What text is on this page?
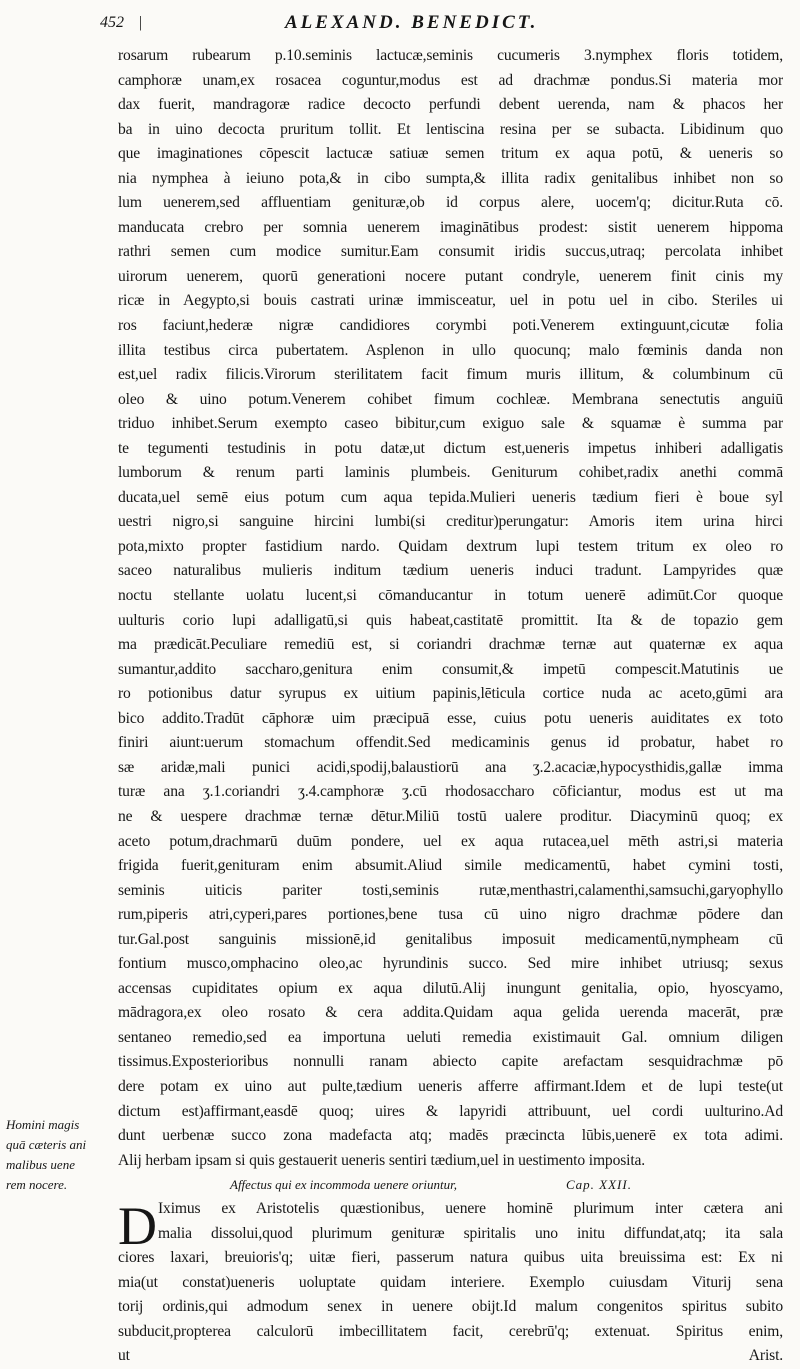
452 |	ALEXAND. BENEDICT.
rosarum rubearum p.10.seminis lactucæ,seminis cucumeris 3.nymphex floris totidem,
camphoræ unam,ex rosacea coguntur,modus est ad drachmæ pondus.Si materia mor
dax fuerit, mandragoræ radice decocto perfundi debent uerenda, nam & phacos her
ba in uino decocta pruritum tollit. Et lentiscina resina per se subacta. Libidinum quo
que imaginationes cōpescit lactucæ satiuæ semen tritum ex aqua potū, & ueneris so
nia nymphea à ieiuno pota,& in cibo sumpta,& illita radix genitalibus inhibet non so
lum uenerem,sed affluentiam genituræ,ob id corpus alere, uocem'q; dicitur.Ruta cō.
manducata crebro per somnia uenerem imaginātibus prodest: sistit uenerem hippoma
rathri semen cum modice sumitur.Eam consumit iridis succus,utraq; percolata inhibet
uirorum uenerem, quorū generationi nocere putant condryle, uenerem finit cinis my
ricæ in Aegypto,si bouis castrati urinæ immisceatur, uel in potu uel in cibo. Steriles ui
ros faciunt,hederæ nigræ candidiores corymbi poti.Venerem extinguunt,cicutæ folia
illita testibus circa pubertatem. Asplenon in ullo quocunq; malo fœminis danda non
est,uel radix filicis.Virorum sterilitatem facit fimum muris illitum, & columbinum cū
oleo & uino potum.Venerem cohibet fimum cochleæ. Membrana senectutis anguiū
triduo inhibet.Serum exempto caseo bibitur,cum exiguo sale & squamæ è summa par
te tegumenti testudinis in potu datæ,ut dictum est,ueneris impetus inhiberi adalligatis
lumborum & renum parti laminis plumbeis. Geniturum cohibet,radix anethi commā
ducata,uel semē eius potum cum aqua tepida.Mulieri ueneris tædium fieri è boue syl
uestri nigro,si sanguine hircini lumbi(si creditur)perungatur: Amoris item urina hirci
pota,mixto propter fastidium nardo. Quidam dextrum lupi testem tritum ex oleo ro
saceo naturalibus mulieris inditum tædium ueneris induci tradunt. Lampyrides quæ
noctu stellante uolatu lucent,si cōmanducantur in totum uenerē adimūt.Cor quoque
uulturis corio lupi adalligatū,si quis habeat,castitatē promittit. Ita & de topazio gem
ma prædicāt.Peculiare remediū est, si coriandri drachmæ ternæ aut quaternæ ex aqua
sumantur,addito saccharo,genitura enim consumit,& impetū compescit.Matutinis ue
ro potionibus datur syrupus ex uitium papinis,lēticula cortice nuda ac aceto,gūmi ara
bico addito.Tradūt cāphoræ uim præcipuā esse, cuius potu ueneris auiditates ex toto
finiri aiunt:uerum stomachum offendit.Sed medicaminis genus id probatur, habet ro
sæ aridæ,mali punici acidi,spodij,balaustiorū ana ʒ.2.acaciæ,hypocysthidis,gallæ imma
turæ ana ʒ.1.coriandri ʒ.4.camphoræ ʒ.cū rhodosaccharo cōficiantur, modus est ut ma
ne & uespere drachmæ ternæ dētur.Miliū tostū ualere proditur. Diacyminū quoq; ex
aceto potum,drachmarū duūm pondere, uel ex aqua rutacea,uel mēth astri,si materia
frigida fuerit,genituram enim absumit.Aliud simile medicamentū, habet cymini tosti,
seminis uiticis pariter tosti,seminis rutæ,menthastri,calamenthi,samsuchi,garyophyllo
rum,piperis atri,cyperi,pares portiones,bene tusa cū uino nigro drachmæ pōdere dan
tur.Gal.post sanguinis missionē,id genitalibus imposuit medicamentū,nympheam cū
fontium musco,omphacino oleo,ac hyrundinis succo. Sed mire inhibet utriusq; sexus
accensas cupiditates opium ex aqua dilutū.Alij inungunt genitalia, opio, hyoscyamo,
mādragora,ex oleo rosato & cera addita.Quidam aqua gelida uerenda macerāt, præ
sentaneo remedio,sed ea importuna ueluti remedia existimauit Gal. omnium diligen
tissimus.Exposterioribus nonnulli ranam abiecto capite arefactam sesquidrachmæ pō
dere potam ex uino aut pulte,tædium ueneris afferre affirmant.Idem et de lupi teste(ut
dictum est)affirmant,easdē quoq; uires & lapyridi attribuunt, uel cordi uulturino.Ad
dunt uerbenæ succo zona madefacta atq; madēs præcincta lūbis,uenerē ex tota adimi.
Alij herbam ipsam si quis gestauerit ueneris sentiri tædium,uel in uestimento imposita.
Affectus qui ex incommoda uenere oriuntur,	Cap. XXII.
D Iximus ex Aristotelis quæstionibus, uenere hominē plurimum inter cætera ani
malia dissolui,quod plurimum genituræ spiritalis uno initu diffundat,atq; ita sala
ciores laxari, breuioris'q; uitæ fieri, passerum natura quibus uita breuissima est: Ex ni
mia(ut constat)ueneris uoluptate quidam interiere. Exemplo cuiusdam Viturij sena
torij ordinis,qui admodum senex in uenere obijt.Id malum congenitos spiritus subito
subducit,propterea calculorū imbecillitatem facit, cerebrū'q; extenuat. Spiritus enim,
ut Arist.
Homini magis
quā cæteris ani
malibus uene
rem nocere.
